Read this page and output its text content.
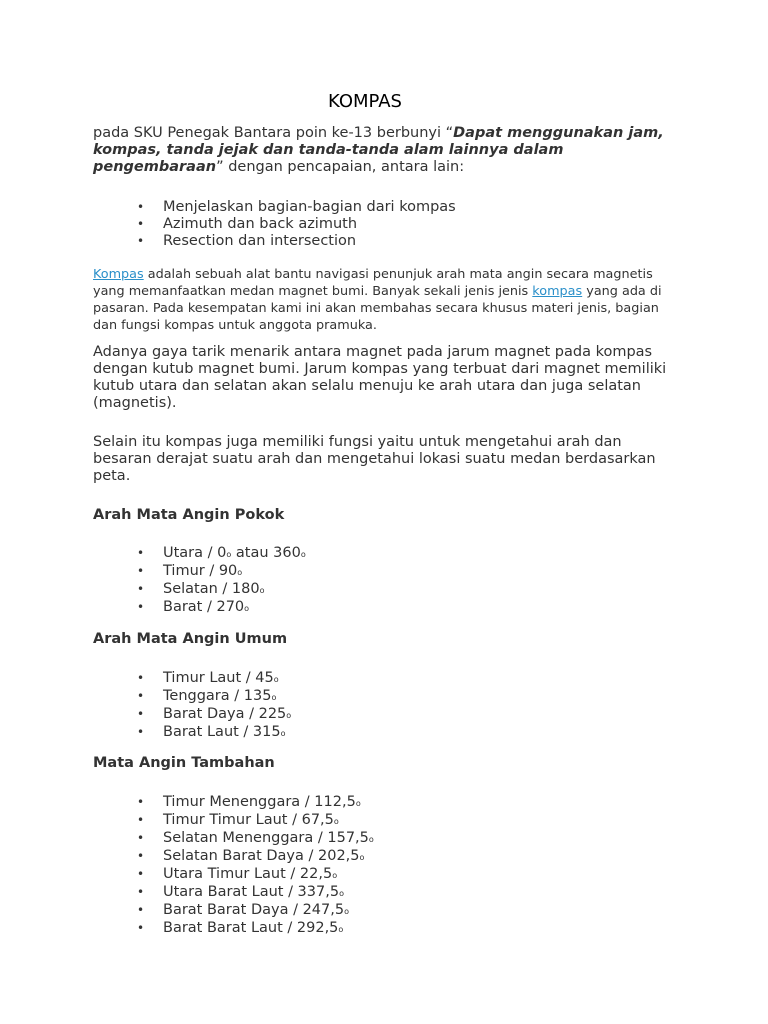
KOMPAS
pada SKU Penegak Bantara poin ke-13 berbunyi “Dapat menggunakan jam, kompas, tanda jejak dan tanda-tanda alam lainnya dalam pengembaraan” dengan pencapaian, antara lain:
• Menjelaskan bagian-bagian dari kompas
• Azimuth dan back azimuth
• Resection dan intersection
Kompas adalah sebuah alat bantu navigasi penunjuk arah mata angin secara magnetis yang memanfaatkan medan magnet bumi. Banyak sekali jenis jenis kompas yang ada di pasaran. Pada kesempatan kami ini akan membahas secara khusus materi jenis, bagian dan fungsi kompas untuk anggota pramuka.
Adanya gaya tarik menarik antara magnet pada jarum magnet pada kompas dengan kutub magnet bumi. Jarum kompas yang terbuat dari magnet memiliki kutub utara dan selatan akan selalu menuju ke arah utara dan juga selatan (magnetis).
Selain itu kompas juga memiliki fungsi yaitu untuk mengetahui arah dan besaran derajat suatu arah dan mengetahui lokasi suatu medan berdasarkan peta.
Arah Mata Angin Pokok
• Utara / 0o atau 360o
• Timur / 90o
• Selatan / 180o
• Barat / 270o
Arah Mata Angin Umum
• Timur Laut / 45o
• Tenggara / 135o
• Barat Daya / 225o
• Barat Laut / 315o
Mata Angin Tambahan
• Timur Menenggara / 112,5o
• Timur Timur Laut / 67,5o
• Selatan Menenggara / 157,5o
• Selatan Barat Daya / 202,5o
• Utara Timur Laut / 22,5o
• Utara Barat Laut / 337,5o
• Barat Barat Daya / 247,5o
• Barat Barat Laut / 292,5o
